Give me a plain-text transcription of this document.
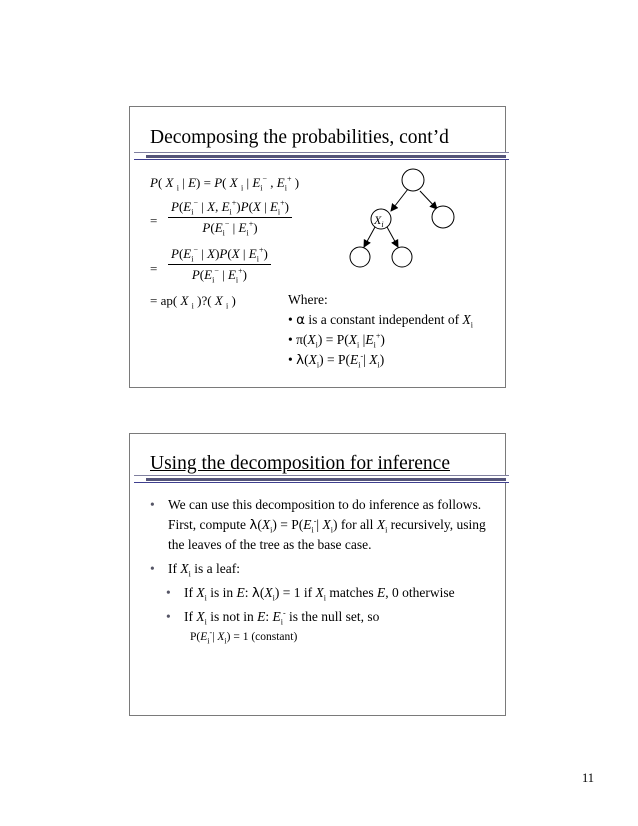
Decomposing the probabilities, cont’d
P( X $_i$ | E) = P( X $_i$ | $E_i^-$ , $E_i^+$ )
=
$P(E_i^-$ | X, $E_i^+)P(X$ | $E_i^+$)
$P(E_i^-$ | $E_i^+$)
=
$P(E_i^-$ | X)P(X | $E_i^+$)
$P(E_i^-$ | $E_i^+$)
= ap( X $_i$ )?( X $_i$ )	Where:
• α is a constant independent of $X_i$
• $\pi(X_i) = P(X_i$ $|E_i^+$)
• $\lambda(X_i) = P(E_i^-|$ $X_i$)
$X_i$
Using the decomposition for inference
• We can use this decomposition to do inference as follows.  First, compute $\lambda(X_i) = P(E_i^-|$ $X_i$) for all $X_i$ recursively, using the leaves of the tree as the base case.
• If $X_i$ is a leaf:
• If $X_i$ is in E: $\lambda(X_i) = 1$ if $X_i$ matches E, 0 otherwise
• If $X_i$ is not in E: $E_i^-$ is the null set, so
$P(E_i^-|$ $X_i) = 1$ (constant)
11
